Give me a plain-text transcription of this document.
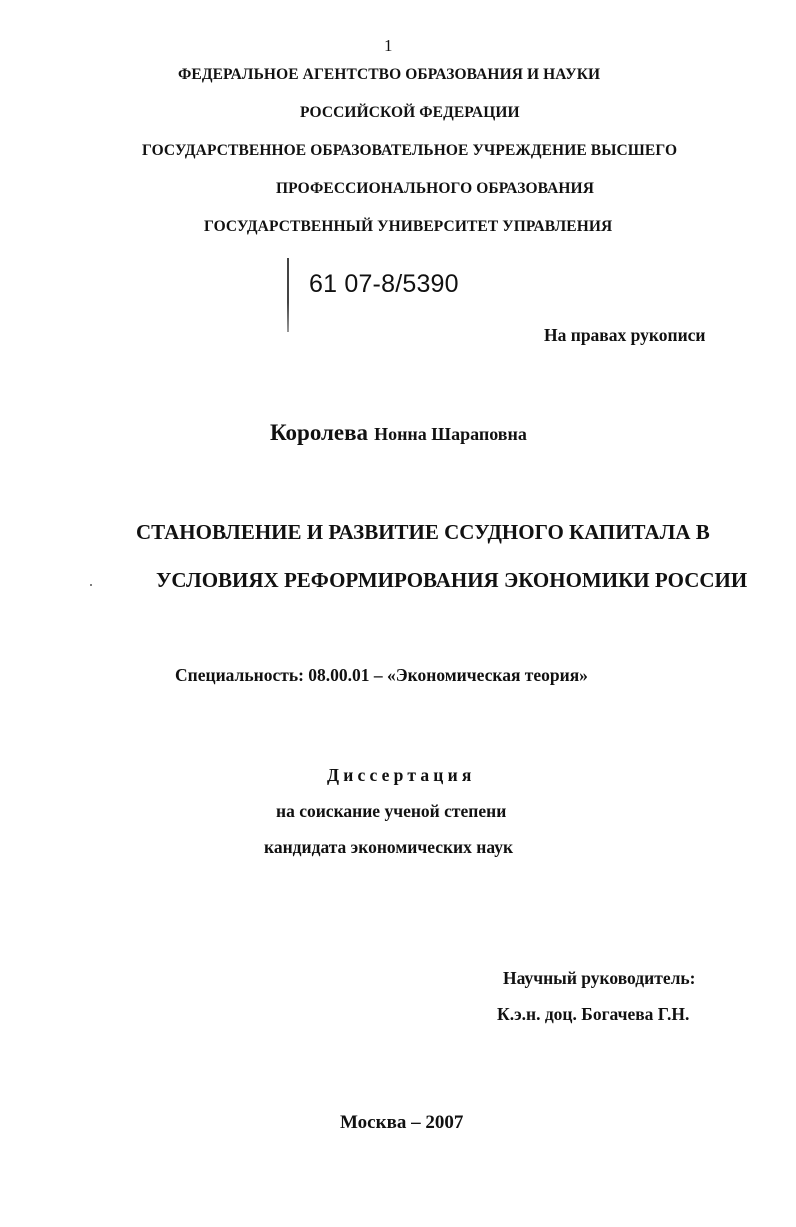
1
ФЕДЕРАЛЬНОЕ АГЕНТСТВО ОБРАЗОВАНИЯ И НАУКИ
РОССИЙСКОЙ ФЕДЕРАЦИИ
ГОСУДАРСТВЕННОЕ ОБРАЗОВАТЕЛЬНОЕ УЧРЕЖДЕНИЕ ВЫСШЕГО
ПРОФЕССИОНАЛЬНОГО ОБРАЗОВАНИЯ
ГОСУДАРСТВЕННЫЙ УНИВЕРСИТЕТ УПРАВЛЕНИЯ
61 07-8/5390
На правах рукописи
Королева Нонна Шараповна
СТАНОВЛЕНИЕ И РАЗВИТИЕ ССУДНОГО КАПИТАЛА В
УСЛОВИЯХ РЕФОРМИРОВАНИЯ ЭКОНОМИКИ РОССИИ
Специальность: 08.00.01 – «Экономическая теория»
Диссертация
на соискание ученой степени
кандидата экономических наук
Научный руководитель:
К.э.н. доц. Богачева Г.Н.
Москва – 2007
